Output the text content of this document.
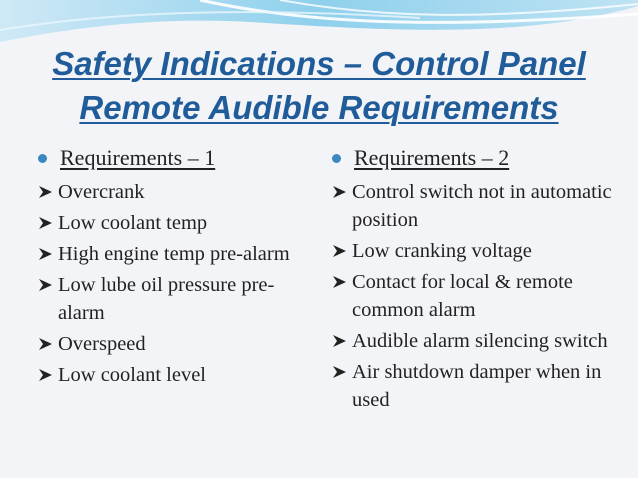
Safety Indications – Control Panel
Remote Audible Requirements
Requirements – 1
Overcrank
Low coolant temp
High engine temp pre-alarm
Low lube oil pressure pre-alarm
Overspeed
Low coolant level
Requirements – 2
Control switch not in automatic position
Low cranking voltage
Contact for local & remote common alarm
Audible alarm silencing switch
Air shutdown damper when in used
